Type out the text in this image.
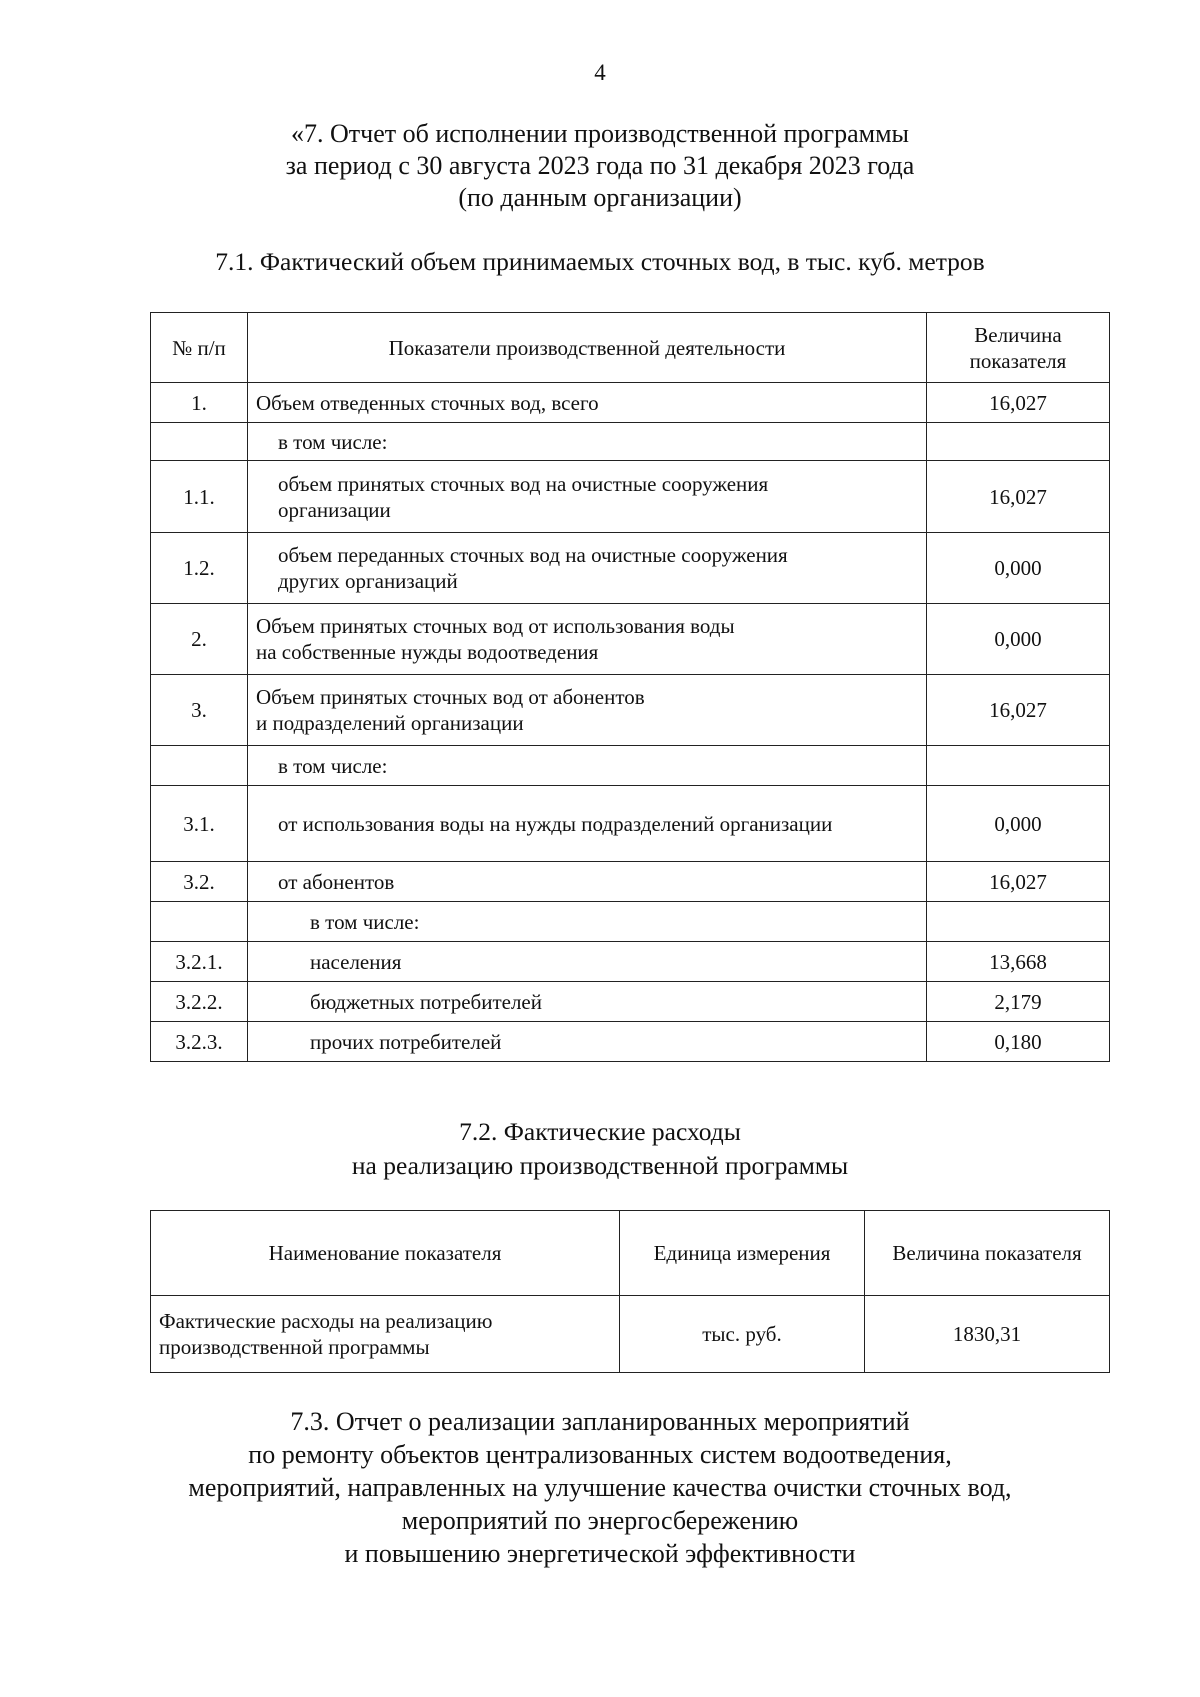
4
«7. Отчет об исполнении производственной программы
за период с 30 августа 2023 года по 31 декабря 2023 года
(по данным организации)
7.1. Фактический объем принимаемых сточных вод, в тыс. куб. метров
№ п/п	Показатели производственной деятельности	Величина
показателя

1.	Объем отведенных сточных вод, всего	16,027

	в том числе:	

1.1.	объем принятых сточных вод на очистные сооружения
организации	16,027
1.2.	объем переданных сточных вод на очистные сооружения
других организаций	0,000
2.	Объем принятых сточных вод от использования воды
на собственные нужды водоотведения	0,000
3.	Объем принятых сточных вод от абонентов
и подразделений организации	16,027

	в том числе:	

3.1.	от использования воды на нужды подразделений организации	0,000
3.2.	от абонентов	16,027

	в том числе:	

3.2.1.	населения	13,668
3.2.2.	бюджетных потребителей	2,179
3.2.3.	прочих потребителей	0,180
7.2. Фактические расходы
на реализацию производственной программы
Наименование показателя	Единица измерения	Величина показателя

Фактические расходы на реализацию
производственной программы	тыс. руб.	1830,31
7.3. Отчет о реализации запланированных мероприятий
по ремонту объектов централизованных систем водоотведения,
мероприятий, направленных на улучшение качества очистки сточных вод,
мероприятий по энергосбережению
и повышению энергетической эффективности
